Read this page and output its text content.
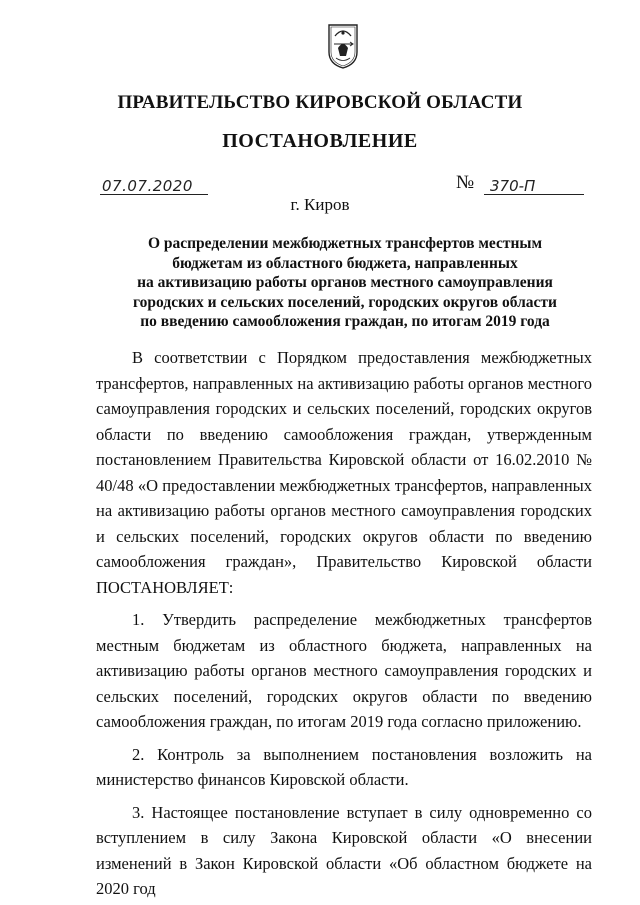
ПРАВИТЕЛЬСТВО КИРОВСКОЙ ОБЛАСТИ
ПОСТАНОВЛЕНИЕ
07.07.2020	№	370-П
г. Киров
О распределении межбюджетных трансфертов местным
бюджетам из областного бюджета, направленных
на активизацию работы органов местного самоуправления
городских и сельских поселений, городских округов области
по введению самообложения граждан, по итогам 2019 года

В соответствии с Порядком предоставления межбюджетных трансфертов, направленных на активизацию работы органов местного самоуправления городских и сельских поселений, городских округов области по введению самообложения граждан, утвержденным постановлением Правительства Кировской области от 16.02.2010 № 40/48 «О предоставлении межбюджетных трансфертов, направленных на активизацию работы органов местного самоуправления городских и сельских поселений, городских округов области по введению самообложения граждан», Правительство Кировской области ПОСТАНОВЛЯЕТ:

1. Утвердить распределение межбюджетных трансфертов местным бюджетам из областного бюджета, направленных на активизацию работы органов местного самоуправления городских и сельских поселений, городских округов области по введению самообложения граждан, по итогам 2019 года согласно приложению.

2. Контроль за выполнением постановления возложить на министерство финансов Кировской области.

3. Настоящее постановление вступает в силу одновременно со вступлением в силу Закона Кировской области «О внесении изменений в Закон Кировской области «Об областном бюджете на 2020 год
